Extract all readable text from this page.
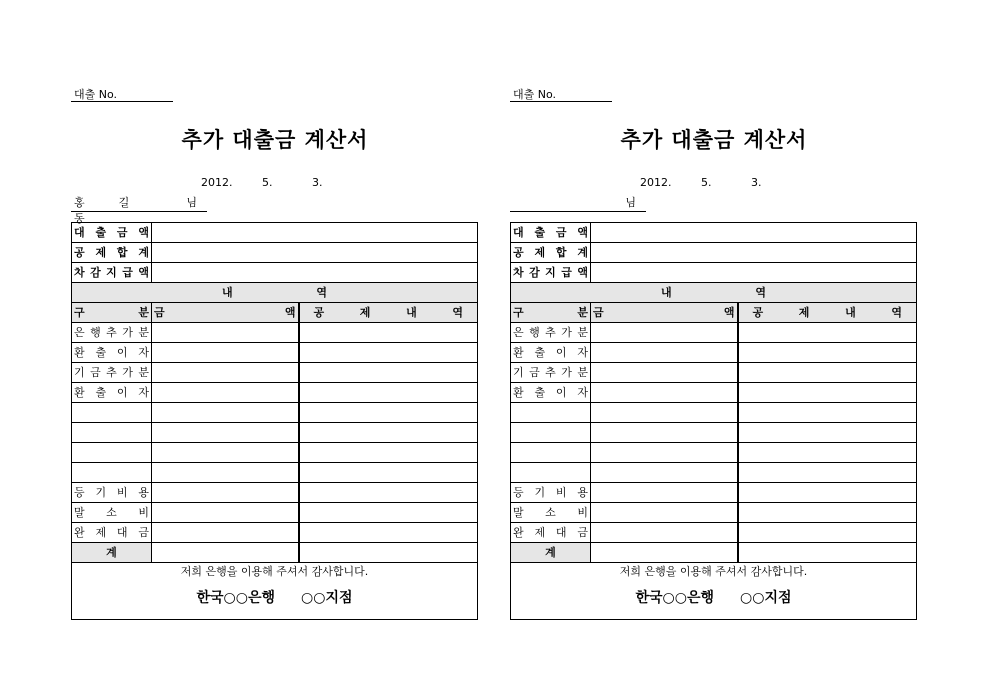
대출 No.
추가 대출금 계산서
2012.	5.	3.
홍길동
님
대 출 금 액		
공 제 합 계		
차 감 지 급 액		
내 역		
구 분	금 액	공 제 내 역
은 행 추 가 분		
환 출 이 자		
기 금 추 가 분		
환 출 이 자		

등 기 비 용		
말 소 비		
완 제 대 금		
계		

저희 은행을 이용해 주셔서 감사합니다.
한국○○은행 ○○지점		
대출 No.
추가 대출금 계산서
2012.	5.	3.
님
대 출 금 액		
공 제 합 계		
차 감 지 급 액		
내 역		
구 분	금 액	공 제 내 역
은 행 추 가 분		
환 출 이 자		
기 금 추 가 분		
환 출 이 자		

등 기 비 용		
말 소 비		
완 제 대 금		
계		

저희 은행을 이용해 주셔서 감사합니다.
한국○○은행 ○○지점		
